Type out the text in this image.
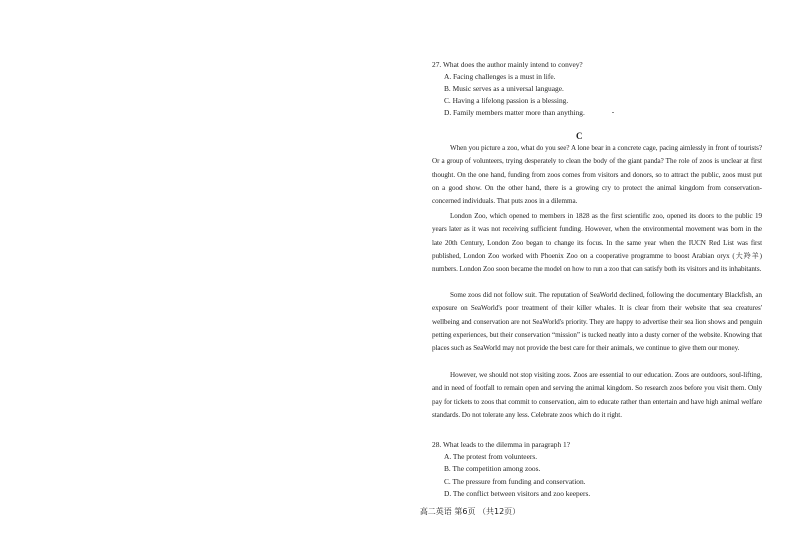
27. What does the author mainly intend to convey?
A. Facing challenges is a must in life.
B. Music serves as a universal language.
C. Having a lifelong passion is a blessing.
D. Family members matter more than anything.
C
When you picture a zoo, what do you see? A lone bear in a concrete cage, pacing aimlessly in front of tourists? Or a group of volunteers, trying desperately to clean the body of the giant panda? The role of zoos is unclear at first thought. On the one hand, funding from zoos comes from visitors and donors, so to attract the public, zoos must put on a good show. On the other hand, there is a growing cry to protect the animal kingdom from conservation-concerned individuals. That puts zoos in a dilemma.
London Zoo, which opened to members in 1828 as the first scientific zoo, opened its doors to the public 19 years later as it was not receiving sufficient funding. However, when the environmental movement was born in the late 20th Century, London Zoo began to change its focus. In the same year when the IUCN Red List was first published, London Zoo worked with Phoenix Zoo on a cooperative programme to boost Arabian oryx (大羚羊) numbers. London Zoo soon became the model on how to run a zoo that can satisfy both its visitors and its inhabitants.
Some zoos did not follow suit. The reputation of SeaWorld declined, following the documentary Blackfish, an exposure on SeaWorld's poor treatment of their killer whales. It is clear from their website that sea creatures' wellbeing and conservation are not SeaWorld's priority. They are happy to advertise their sea lion shows and penguin petting experiences, but their conservation “mission” is tucked neatly into a dusty corner of the website. Knowing that places such as SeaWorld may not provide the best care for their animals, we continue to give them our money.
However, we should not stop visiting zoos. Zoos are essential to our education. Zoos are outdoors, soul-lifting, and in need of footfall to remain open and serving the animal kingdom. So research zoos before you visit them. Only pay for tickets to zoos that commit to conservation, aim to educate rather than entertain and have high animal welfare standards. Do not tolerate any less. Celebrate zoos which do it right.
28. What leads to the dilemma in paragraph 1?
A. The protest from volunteers.
B. The competition among zoos.
C. The pressure from funding and conservation.
D. The conflict between visitors and zoo keepers.
高二英语 第6页 （共12页）
